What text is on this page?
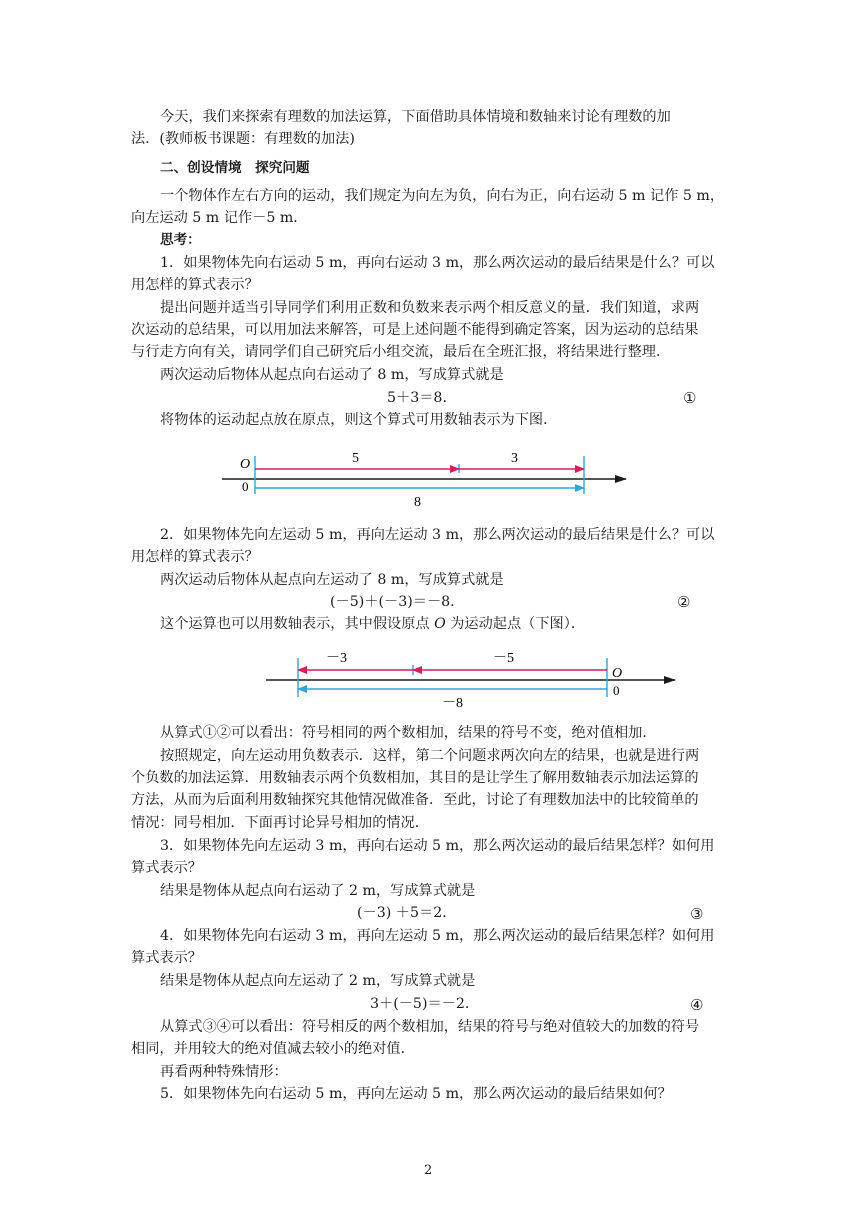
今天，我们来探索有理数的加法运算，下面借助具体情境和数轴来讨论有理数的加
法．(教师板书课题：有理数的加法)
二、创设情境　探究问题
一个物体作左右方向的运动，我们规定为向左为负，向右为正，向右运动 5 m 记作 5 m，
向左运动 5 m 记作－5 m．
思考：
1．如果物体先向右运动 5 m，再向右运动 3 m，那么两次运动的最后结果是什么？可以
用怎样的算式表示？
提出问题并适当引导同学们利用正数和负数来表示两个相反意义的量．我们知道，求两
次运动的总结果，可以用加法来解答，可是上述问题不能得到确定答案，因为运动的总结果
与行走方向有关，请同学们自己研究后小组交流，最后在全班汇报，将结果进行整理．
两次运动后物体从起点向右运动了 8 m，写成算式就是
5＋3＝8．	①
将物体的运动起点放在原点，则这个算式可用数轴表示为下图．
O
0
5	3
8
2．如果物体先向左运动 5 m，再向左运动 3 m，那么两次运动的最后结果是什么？可以
用怎样的算式表示？
两次运动后物体从起点向左运动了 8 m，写成算式就是
(－5)＋(－3)＝－8．	②
这个运算也可以用数轴表示，其中假设原点 O 为运动起点（下图）．
O
0
－5
－3
－8
从算式①②可以看出：符号相同的两个数相加，结果的符号不变，绝对值相加．
按照规定，向左运动用负数表示．这样，第二个问题求两次向左的结果，也就是进行两
个负数的加法运算．用数轴表示两个负数相加，其目的是让学生了解用数轴表示加法运算的
方法，从而为后面利用数轴探究其他情况做准备．至此，讨论了有理数加法中的比较简单的
情况：同号相加．下面再讨论异号相加的情况．
3．如果物体先向左运动 3 m，再向右运动 5 m，那么两次运动的最后结果怎样？如何用
算式表示？
结果是物体从起点向右运动了 2 m，写成算式就是
(－3) ＋5＝2．	③
4．如果物体先向右运动 3 m，再向左运动 5 m，那么两次运动的最后结果怎样？如何用
算式表示？
结果是物体从起点向左运动了 2 m，写成算式就是
3＋(－5)＝－2．	④
从算式③④可以看出：符号相反的两个数相加，结果的符号与绝对值较大的加数的符号
相同，并用较大的绝对值减去较小的绝对值．
再看两种特殊情形：
5．如果物体先向右运动 5 m，再向左运动 5 m，那么两次运动的最后结果如何？
2
